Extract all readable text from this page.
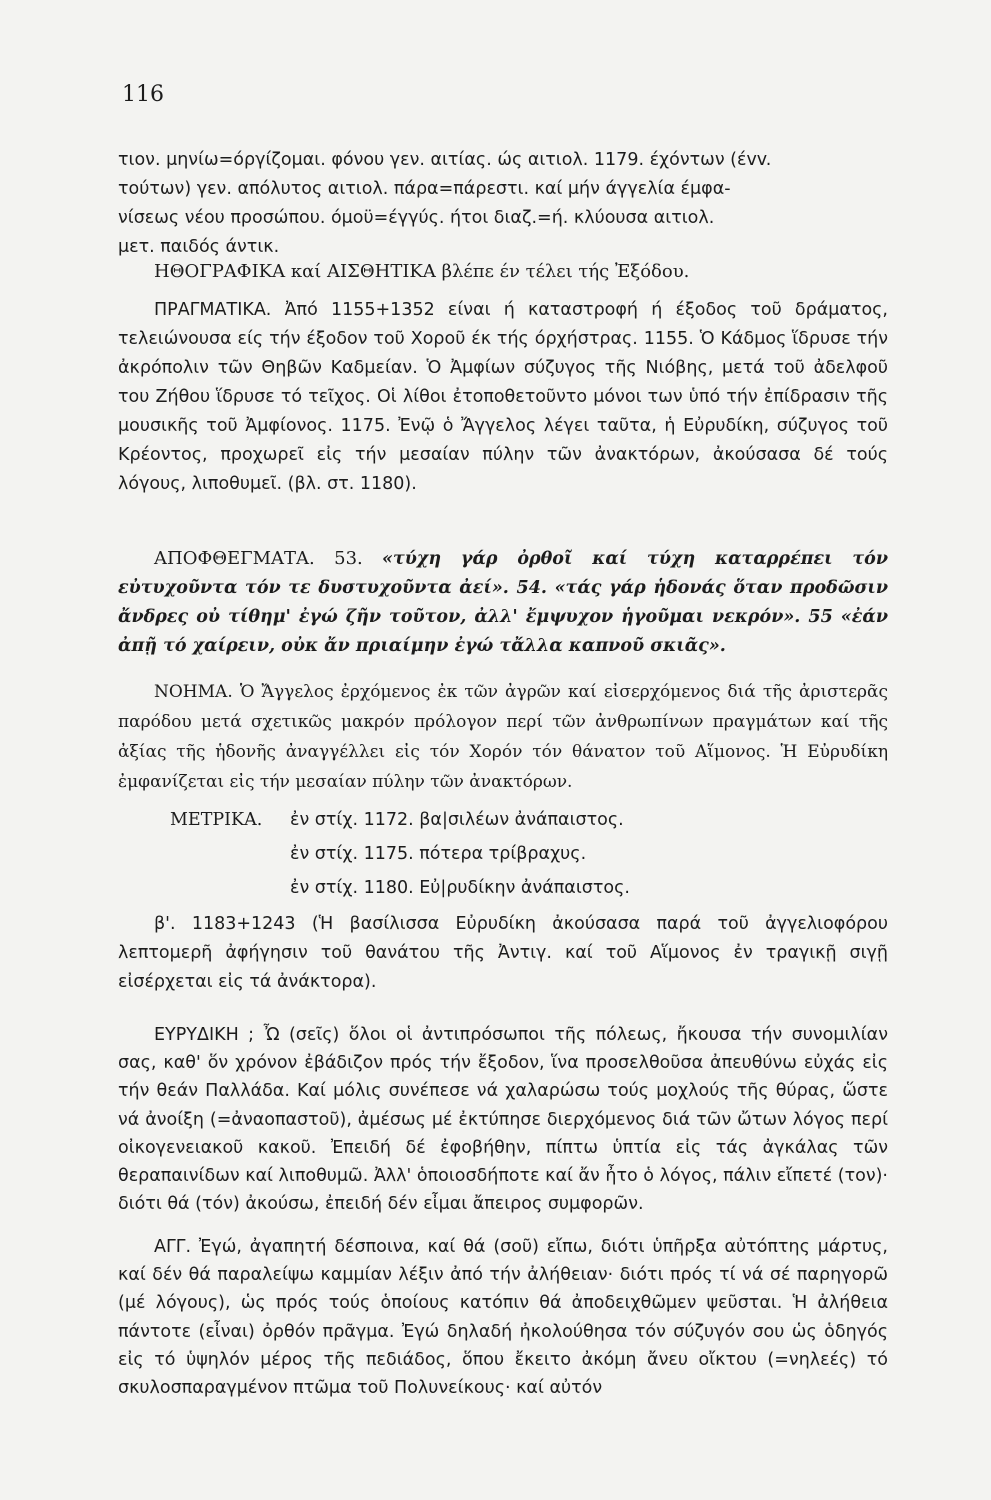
116

τιον. μηνίω=όργίζομαι. φόνου γεν. αιτίας. ώς αιτιολ. 1179. έχόντων (έvv.

τούτων) γεν. απόλυτος αιτιολ. πάρα=πάρεστι. καί μήν άγγελία έμφα-

νίσεως νέου προσώπου. όμοϋ=έγγύς. ήτοι διαζ.=ή. κλύουσα αιτιολ.

μετ. παιδός άντικ.

ΗΘΟΓΡΑΦΙΚΑ καί ΑΙΣΘΗΤΙΚΑ βλέπε έν τέλει τής Ἐξόδου.
ΠΡΑΓΜΑΤΙΚΑ. Ἀπό 1155+1352 είναι ή καταστροφή ή έξοδος τοῦ δράματος, τελειώνουσα είς τήν έξοδον τοῦ Χοροῦ έκ τής όρχήστρας. 1155. Ὁ Κάδμος ἵδρυσε τήν ἀκρόπολιν τῶν Θηβῶν Καδμείαν. Ὁ Ἀμφίων σύζυγος τῆς Νιόβης, μετά τοῦ ἀδελφοῦ του Ζήθου ἵδρυσε τό τεῖχος. Οἱ λίθοι ἐτοποθετοῦντο μόνοι των ὑπό τήν ἐπίδρασιν τῆς μουσικῆς τοῦ Ἀμφίονος. 1175. Ἐνῷ ὁ Ἄγγελος λέγει ταῦτα, ἡ Εὐρυδίκη, σύζυγος τοῦ Κρέοντος, προχωρεῖ εἰς τήν μεσαίαν πύλην τῶν ἀνακτόρων, ἀκούσασα δέ τούς λόγους, λιποθυμεῖ. (βλ. στ. 1180).
ΑΠΟΦΘΕΓΜΑΤΑ. 53. «τύχη γάρ ὀρθοῖ καί τύχη καταρρέπει τόν εὐτυχοῦντα τόν τε δυστυχοῦντα ἀεί». 54. «τάς γάρ ἡδονάς ὅταν προδῶσιν ἄνδρες οὐ τίθημ' ἐγώ ζῆν τοῦτον, ἀλλ' ἔμψυχον ἡγοῦμαι νεκρόν». 55 «ἐάν ἀπῇ τό χαίρειν, οὐκ ἄν πριαίμην ἐγώ τἄλλα καπνοῦ σκιᾶς».
ΝΟΗΜΑ. Ὁ Ἄγγελος ἐρχόμενος ἐκ τῶν ἀγρῶν καί εἰσερχόμενος διά τῆς ἀριστερᾶς παρόδου μετά σχετικῶς μακρόν πρόλογον περί τῶν ἀνθρωπίνων πραγμάτων καί τῆς ἀξίας τῆς ἡδονῆς ἀναγγέλλει εἰς τόν Χορόν τόν θάνατον τοῦ Αἵμονος. Ἡ Εὐρυδίκη ἐμφανίζεται εἰς τήν μεσαίαν πύλην τῶν ἀνακτόρων.
ΜΕΤΡΙΚΑ. ἐν στίχ. 1172. βα|σιλέων ἀνάπαιστος.
ἐν στίχ. 1175. πότερα τρίβραχυς.
ἐν στίχ. 1180. Εὐ|ρυδίκην ἀνάπαιστος.
β'. 1183+1243 (Ἡ βασίλισσα Εὐρυδίκη ἀκούσασα παρά τοῦ ἀγγελιοφόρου λεπτομερῆ ἀφήγησιν τοῦ θανάτου τῆς Ἀντιγ. καί τοῦ Αἵμονος ἐν τραγικῇ σιγῇ εἰσέρχεται εἰς τά ἀνάκτορα).
ΕΥΡΥΔΙΚΗ ; Ὦ (σεῖς) ὅλοι οἱ ἀντιπρόσωποι τῆς πόλεως, ἤκουσα τήν συνομιλίαν σας, καθ' ὅν χρόνον ἐβάδιζον πρός τήν ἔξοδον, ἵνα προσελθοῦσα ἀπευθύνω εὐχάς εἰς τήν θεάν Παλλάδα. Καί μόλις συνέπεσε νά χαλαρώσω τούς μοχλούς τῆς θύρας, ὥστε νά ἀνοίξη (=ἀναοπαστοῦ), ἀμέσως μέ ἐκτύπησε διερχόμενος διά τῶν ὤτων λόγος περί οἰκογενειακοῦ κακοῦ. Ἐπειδή δέ ἐφοβήθην, πίπτω ὑπτία εἰς τάς ἀγκάλας τῶν θεραπαινίδων καί λιποθυμῶ. Ἀλλ' ὁποιοσδήποτε καί ἄν ἦτο ὁ λόγος, πάλιν εἴπετέ (τον)· διότι θά (τόν) ἀκούσω, ἐπειδή δέν εἶμαι ἄπειρος συμφορῶν.
ΑΓΓ. Ἐγώ, ἀγαπητή δέσποινα, καί θά (σοῦ) εἴπω, διότι ὑπῆρξα αὐτόπτης μάρτυς, καί δέν θά παραλείψω καμμίαν λέξιν ἀπό τήν ἀλήθειαν· διότι πρός τί νά σέ παρηγορῶ (μέ λόγους), ὡς πρός τούς ὁποίους κατόπιν θά ἀποδειχθῶμεν ψεῦσται. Ἡ ἀλήθεια πάντοτε (εἶναι) ὀρθόν πρᾶγμα. Ἐγώ δηλαδή ἠκολούθησα τόν σύζυγόν σου ὡς ὁδηγός εἰς τό ὑψηλόν μέρος τῆς πεδιάδος, ὅπου ἔκειτο ἀκόμη ἄνευ οἴκτου (=νηλεές) τό σκυλοσπαραγμένον πτῶμα τοῦ Πολυνείκους· καί αὐτόν
